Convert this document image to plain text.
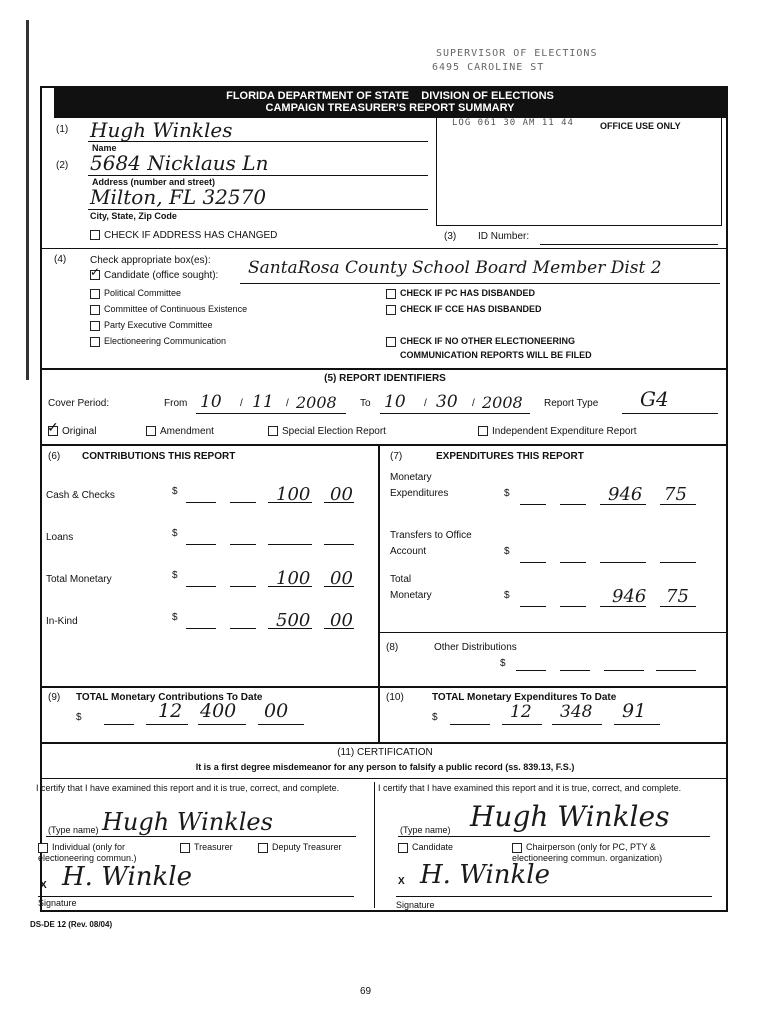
SUPERVISOR OF ELECTIONS
6495 CAROLINE ST
FLORIDA DEPARTMENT OF STATE DIVISION OF ELECTIONS
CAMPAIGN TREASURER'S REPORT SUMMARY
LOG 061 30 AM 11 44	OFFICE USE ONLY
(1) Hugh Winkles
Name
(2) 5684 Nicklaus Ln
Address (number and street)
Milton, FL 32570
City, State, Zip Code
CHECK IF ADDRESS HAS CHANGED	(3) ID Number:
(4) Check appropriate box(es):
✓ Candidate (office sought): SantaRosa County School Board Member Dist 2
Political Committee
Committee of Continuous Existence
Party Executive Committee
Electioneering Communication
CHECK IF PC HAS DISBANDED
CHECK IF CCE HAS DISBANDED
CHECK IF NO OTHER ELECTIONEERING
COMMUNICATION REPORTS WILL BE FILED
(5) REPORT IDENTIFIERS
Cover Period:	From 10 / 11 / 2008 To 10 / 30 / 2008 Report Type G4
✓ Original	Amendment	Special Election Report	Independent Expenditure Report
(6) CONTRIBUTIONS THIS REPORT
Cash & Checks	$	100 00
Loans	$
Total Monetary	$	100 00
In-Kind	$	500 00
(7)	EXPENDITURES THIS REPORT
Monetary
Expenditures	$	946 75
Transfers to Office
Account	$
Total
Monetary	$	946 75
(8)	Other Distributions
$
(9) TOTAL Monetary Contributions To Date
$	12 400 00
(10)	TOTAL Monetary Expenditures To Date
$	12 348 91
(11) CERTIFICATION
It is a first degree misdemeanor for any person to falsify a public record (ss. 839.13, F.S.)
I certify that I have examined this report and it is true, correct, and complete.
(Type name) Hugh Winkles
Individual (only for electioneering commun.)
Treasurer	Deputy Treasurer
X H. Winkle
Signature
I certify that I have examined this report and it is true, correct, and complete.
(Type name) Hugh Winkles
Candidate	Chairperson (only for PC, PTY & electioneering commun. organization)
X H. Winkle
Signature
DS-DE 12 (Rev. 08/04)
69
